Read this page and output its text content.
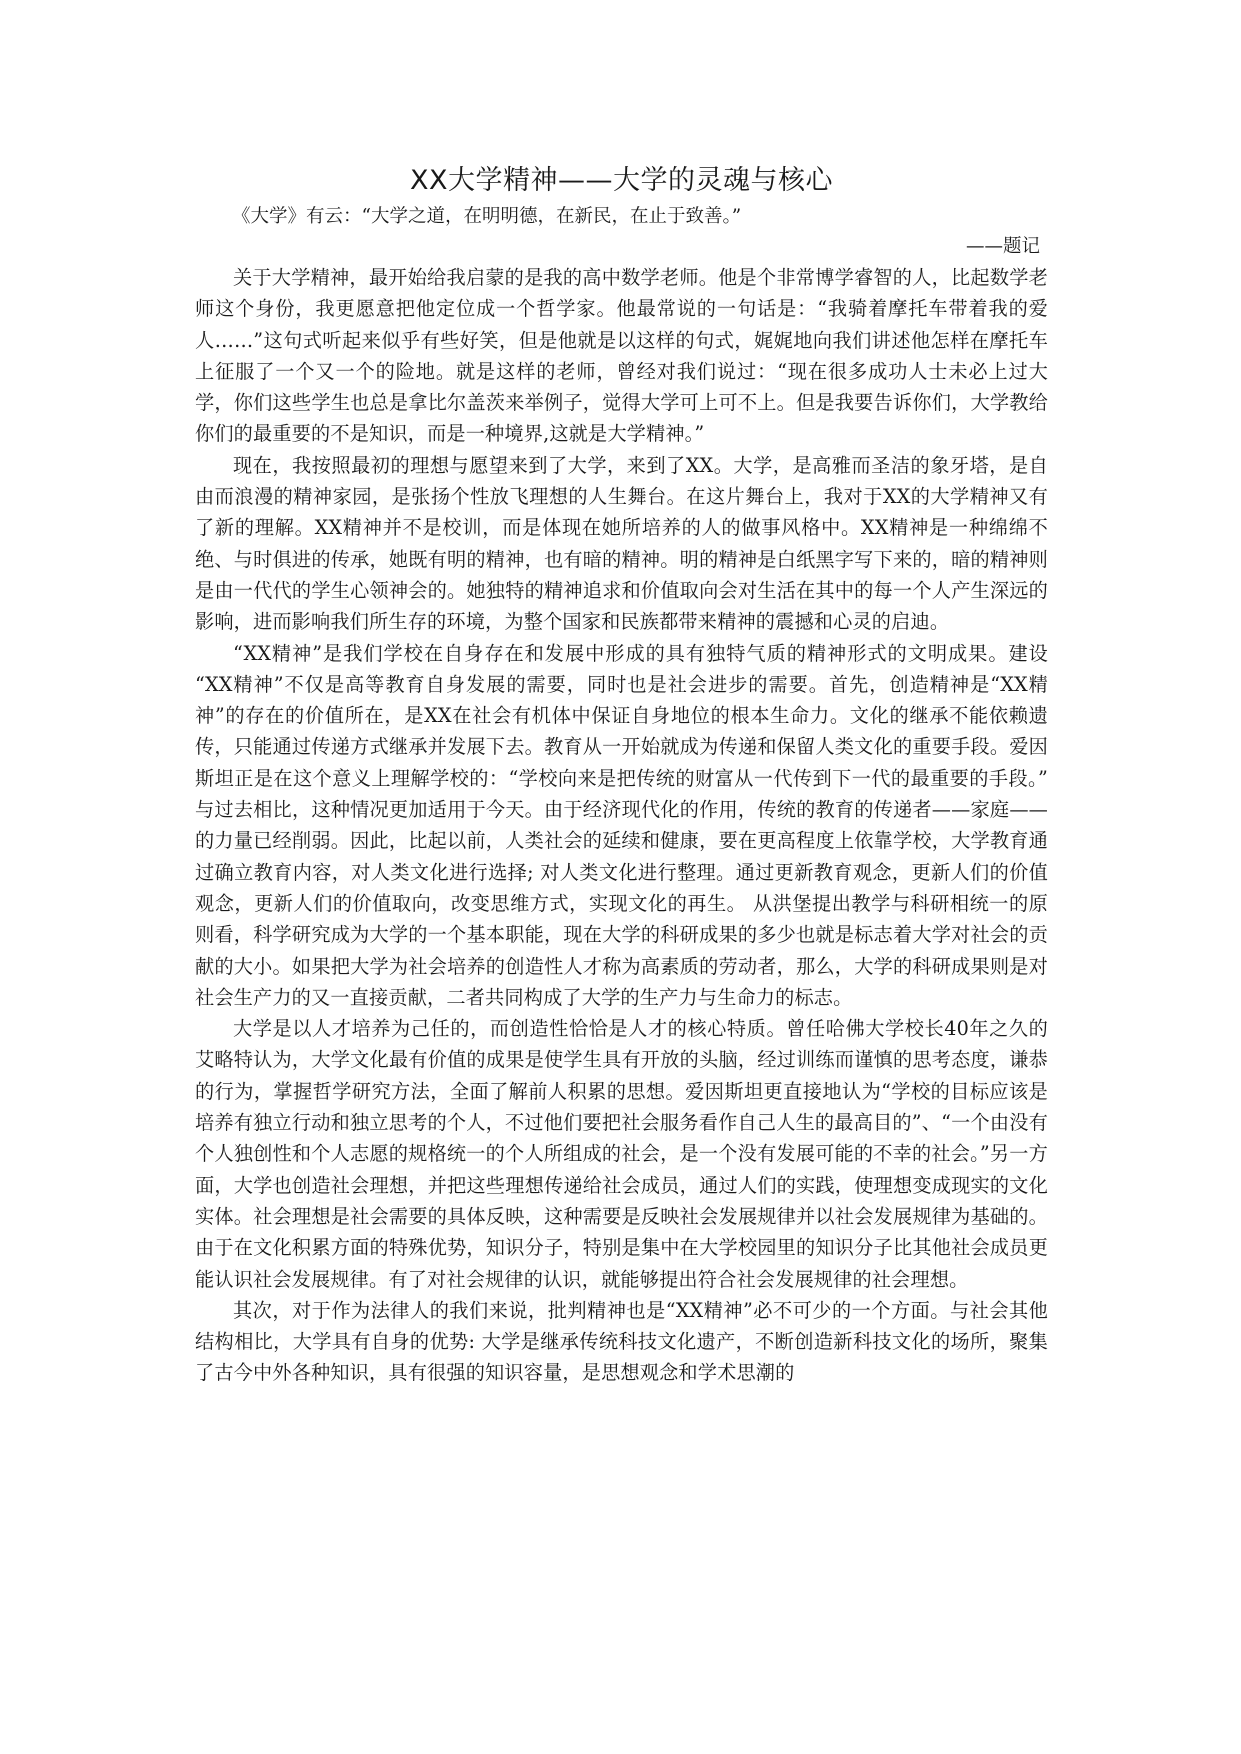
XX大学精神——大学的灵魂与核心

《大学》有云：“大学之道，在明明德，在新民，在止于致善。”

——题记

关于大学精神，最开始给我启蒙的是我的高中数学老师。他是个非常博学睿智的人，比起数学老师这个身份，我更愿意把他定位成一个哲学家。他最常说的一句话是：“我骑着摩托车带着我的爱人……”这句式听起来似乎有些好笑，但是他就是以这样的句式，娓娓地向我们讲述他怎样在摩托车上征服了一个又一个的险地。就是这样的老师，曾经对我们说过：“现在很多成功人士未必上过大学，你们这些学生也总是拿比尔盖茨来举例子，觉得大学可上可不上。但是我要告诉你们，大学教给你们的最重要的不是知识，而是一种境界,这就是大学精神。”

现在，我按照最初的理想与愿望来到了大学，来到了XX。大学，是高雅而圣洁的象牙塔，是自由而浪漫的精神家园，是张扬个性放飞理想的人生舞台。在这片舞台上，我对于XX的大学精神又有了新的理解。XX精神并不是校训，而是体现在她所培养的人的做事风格中。XX精神是一种绵绵不绝、与时俱进的传承，她既有明的精神，也有暗的精神。明的精神是白纸黑字写下来的，暗的精神则是由一代代的学生心领神会的。她独特的精神追求和价值取向会对生活在其中的每一个人产生深远的影响，进而影响我们所生存的环境，为整个国家和民族都带来精神的震撼和心灵的启迪。

“XX精神”是我们学校在自身存在和发展中形成的具有独特气质的精神形式的文明成果。建设 “XX精神”不仅是高等教育自身发展的需要，同时也是社会进步的需要。首先，创造精神是“XX精神”的存在的价值所在，是XX在社会有机体中保证自身地位的根本生命力。文化的继承不能依赖遗传，只能通过传递方式继承并发展下去。教育从一开始就成为传递和保留人类文化的重要手段。爱因斯坦正是在这个意义上理解学校的：“学校向来是把传统的财富从一代传到下一代的最重要的手段。” 与过去相比，这种情况更加适用于今天。由于经济现代化的作用，传统的教育的传递者——家庭——的力量已经削弱。因此，比起以前，人类社会的延续和健康，要在更高程度上依靠学校，大学教育通过确立教育内容，对人类文化进行选择; 对人类文化进行整理。通过更新教育观念，更新人们的价值观念，更新人们的价值取向，改变思维方式，实现文化的再生。 从洪堡提出教学与科研相统一的原则看，科学研究成为大学的一个基本职能，现在大学的科研成果的多少也就是标志着大学对社会的贡献的大小。如果把大学为社会培养的创造性人才称为高素质的劳动者，那么，大学的科研成果则是对社会生产力的又一直接贡献，二者共同构成了大学的生产力与生命力的标志。

大学是以人才培养为己任的，而创造性恰恰是人才的核心特质。曾任哈佛大学校长40年之久的艾略特认为，大学文化最有价值的成果是使学生具有开放的头脑，经过训练而谨慎的思考态度，谦恭的行为，掌握哲学研究方法，全面了解前人积累的思想。爱因斯坦更直接地认为“学校的目标应该是培养有独立行动和独立思考的个人，不过他们要把社会服务看作自己人生的最高目的”、“一个由没有个人独创性和个人志愿的规格统一的个人所组成的社会，是一个没有发展可能的不幸的社会。”另一方面，大学也创造社会理想，并把这些理想传递给社会成员，通过人们的实践，使理想变成现实的文化实体。社会理想是社会需要的具体反映，这种需要是反映社会发展规律并以社会发展规律为基础的。由于在文化积累方面的特殊优势，知识分子，特别是集中在大学校园里的知识分子比其他社会成员更能认识社会发展规律。有了对社会规律的认识，就能够提出符合社会发展规律的社会理想。

其次，对于作为法律人的我们来说，批判精神也是“XX精神”必不可少的一个方面。与社会其他结构相比，大学具有自身的优势: 大学是继承传统科技文化遗产，不断创造新科技文化的场所，聚集了古今中外各种知识，具有很强的知识容量，是思想观念和学术思潮的
